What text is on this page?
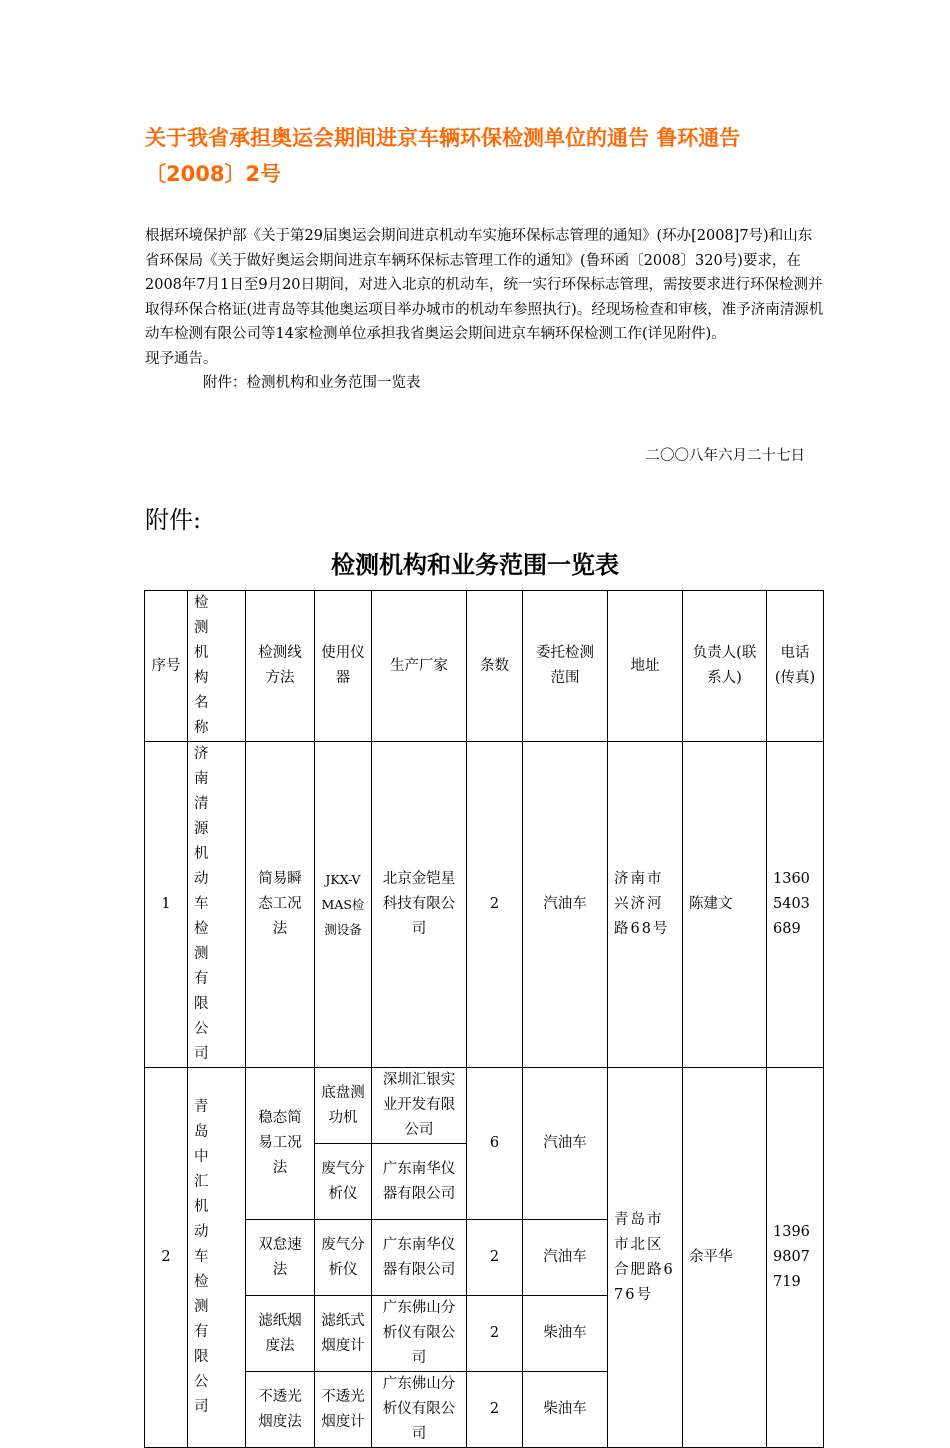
关于我省承担奥运会期间进京车辆环保检测单位的通告 鲁环通告〔2008〕2号

根据环境保护部《关于第29届奥运会期间进京机动车实施环保标志管理的通知》(环办[2008]7号)和山东省环保局《关于做好奥运会期间进京车辆环保标志管理工作的通知》(鲁环函〔2008〕320号)要求，在2008年7月1日至9月20日期间，对进入北京的机动车，统一实行环保标志管理，需按要求进行环保检测并取得环保合格证(进青岛等其他奥运项目举办城市的机动车参照执行)。经现场检查和审核，准予济南清源机动车检测有限公司等14家检测单位承担我省奥运会期间进京车辆环保检测工作(详见附件)。

现予通告。

附件：检测机构和业务范围一览表

二〇〇八年六月二十七日
附件:
检测机构和业务范围一览表
序号	检测机构名称	检测线方法	使用仪器	生产厂家	条数	委托检测范围	地址	负责人(联系人)	电话(传真)
1	济南清源机动车检测有限公司	简易瞬态工况法	JKX-VMAS检测设备	北京金铠星科技有限公司	2	汽油车	济南市兴济河路68号	陈建文	13605403689
2	青岛中汇机动车检测有限公司	稳态简易工况法	底盘测功机	深圳汇银实业开发有限公司	6	汽油车	青岛市市北区合肥路676号	余平华	13969807719
			废气分析仪	广东南华仪器有限公司					
		双怠速法	废气分析仪	广东南华仪器有限公司	2	汽油车			
		滤纸烟度法	滤纸式烟度计	广东佛山分析仪有限公司	2	柴油车			
		不透光烟度法	不透光烟度计	广东佛山分析仪有限公司	2	柴油车			
